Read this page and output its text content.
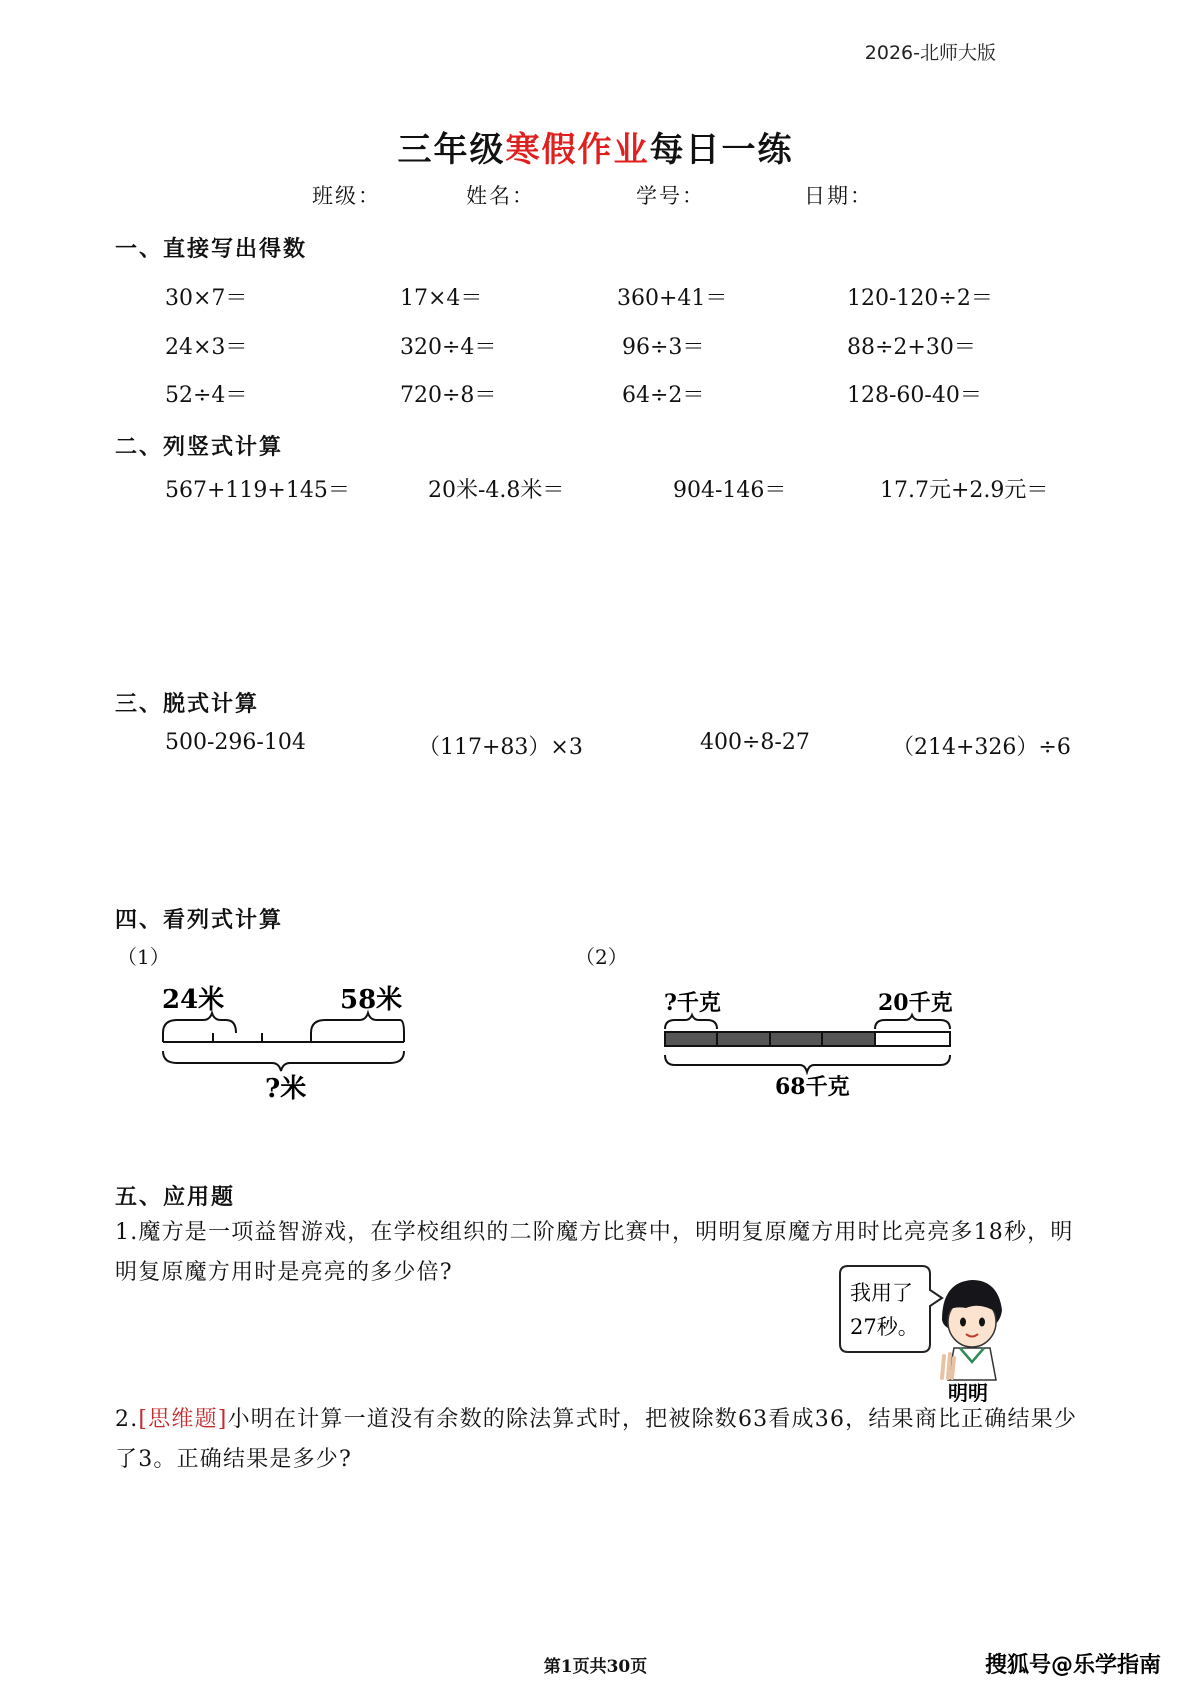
2026-北师大版
三年级寒假作业每日一练
班级：	姓名：	学号：	日期：
一、直接写出得数
30×7＝	17×4＝	360+41＝	120-120÷2＝
24×3＝	320÷4＝	96÷3＝	88÷2+30＝
52÷4＝	720÷8＝	64÷2＝	128-60-40＝
二、列竖式计算
567+119+145＝	20米-4.8米＝	904-146＝	17.7元+2.9元＝
三、脱式计算
500-296-104	（117+83）×3	400÷8-27	（214+326）÷6
四、看列式计算
（1）	（2）
24米	58米
?米
?千克	20千克
68千克
五、应用题
1.魔方是一项益智游戏，在学校组织的二阶魔方比赛中，明明复原魔方用时比亮亮多18秒，明明复原魔方用时是亮亮的多少倍?
我用了
27秒。
明明
2.[思维题]小明在计算一道没有余数的除法算式时，把被除数63看成36，结果商比正确结果少了3。正确结果是多少?
第1页共30页	搜狐号@乐学指南
